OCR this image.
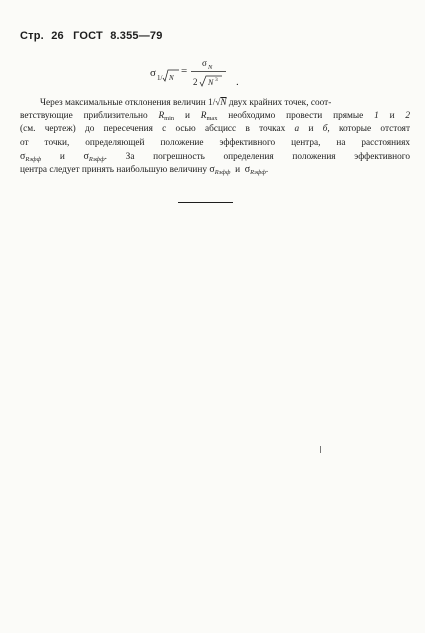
Стр. 26 ГОСТ 8.355—79
σ 1/ N
=
σ N
2 N 3 .
Через максимальные отклонения величин 1/√N двух крайних точек, соот-
ветствующие приблизительно $R_{min}$ и $R_{max}$ необходимо провести прямые 1 и 2
(см. чертеж) до пересечения с осью абсцисс в точках a и б, которые отстоят
от точки, определяющей положение эффективного центра, на расстояниях
$\sigma_{Rэфф}$ и $\sigma_{Rэфф}$. За погрешность определения положения эффективного
центра следует принять наибольшую величину $\sigma_{Rэфф}$ и $\sigma_{Rэфф}$.
